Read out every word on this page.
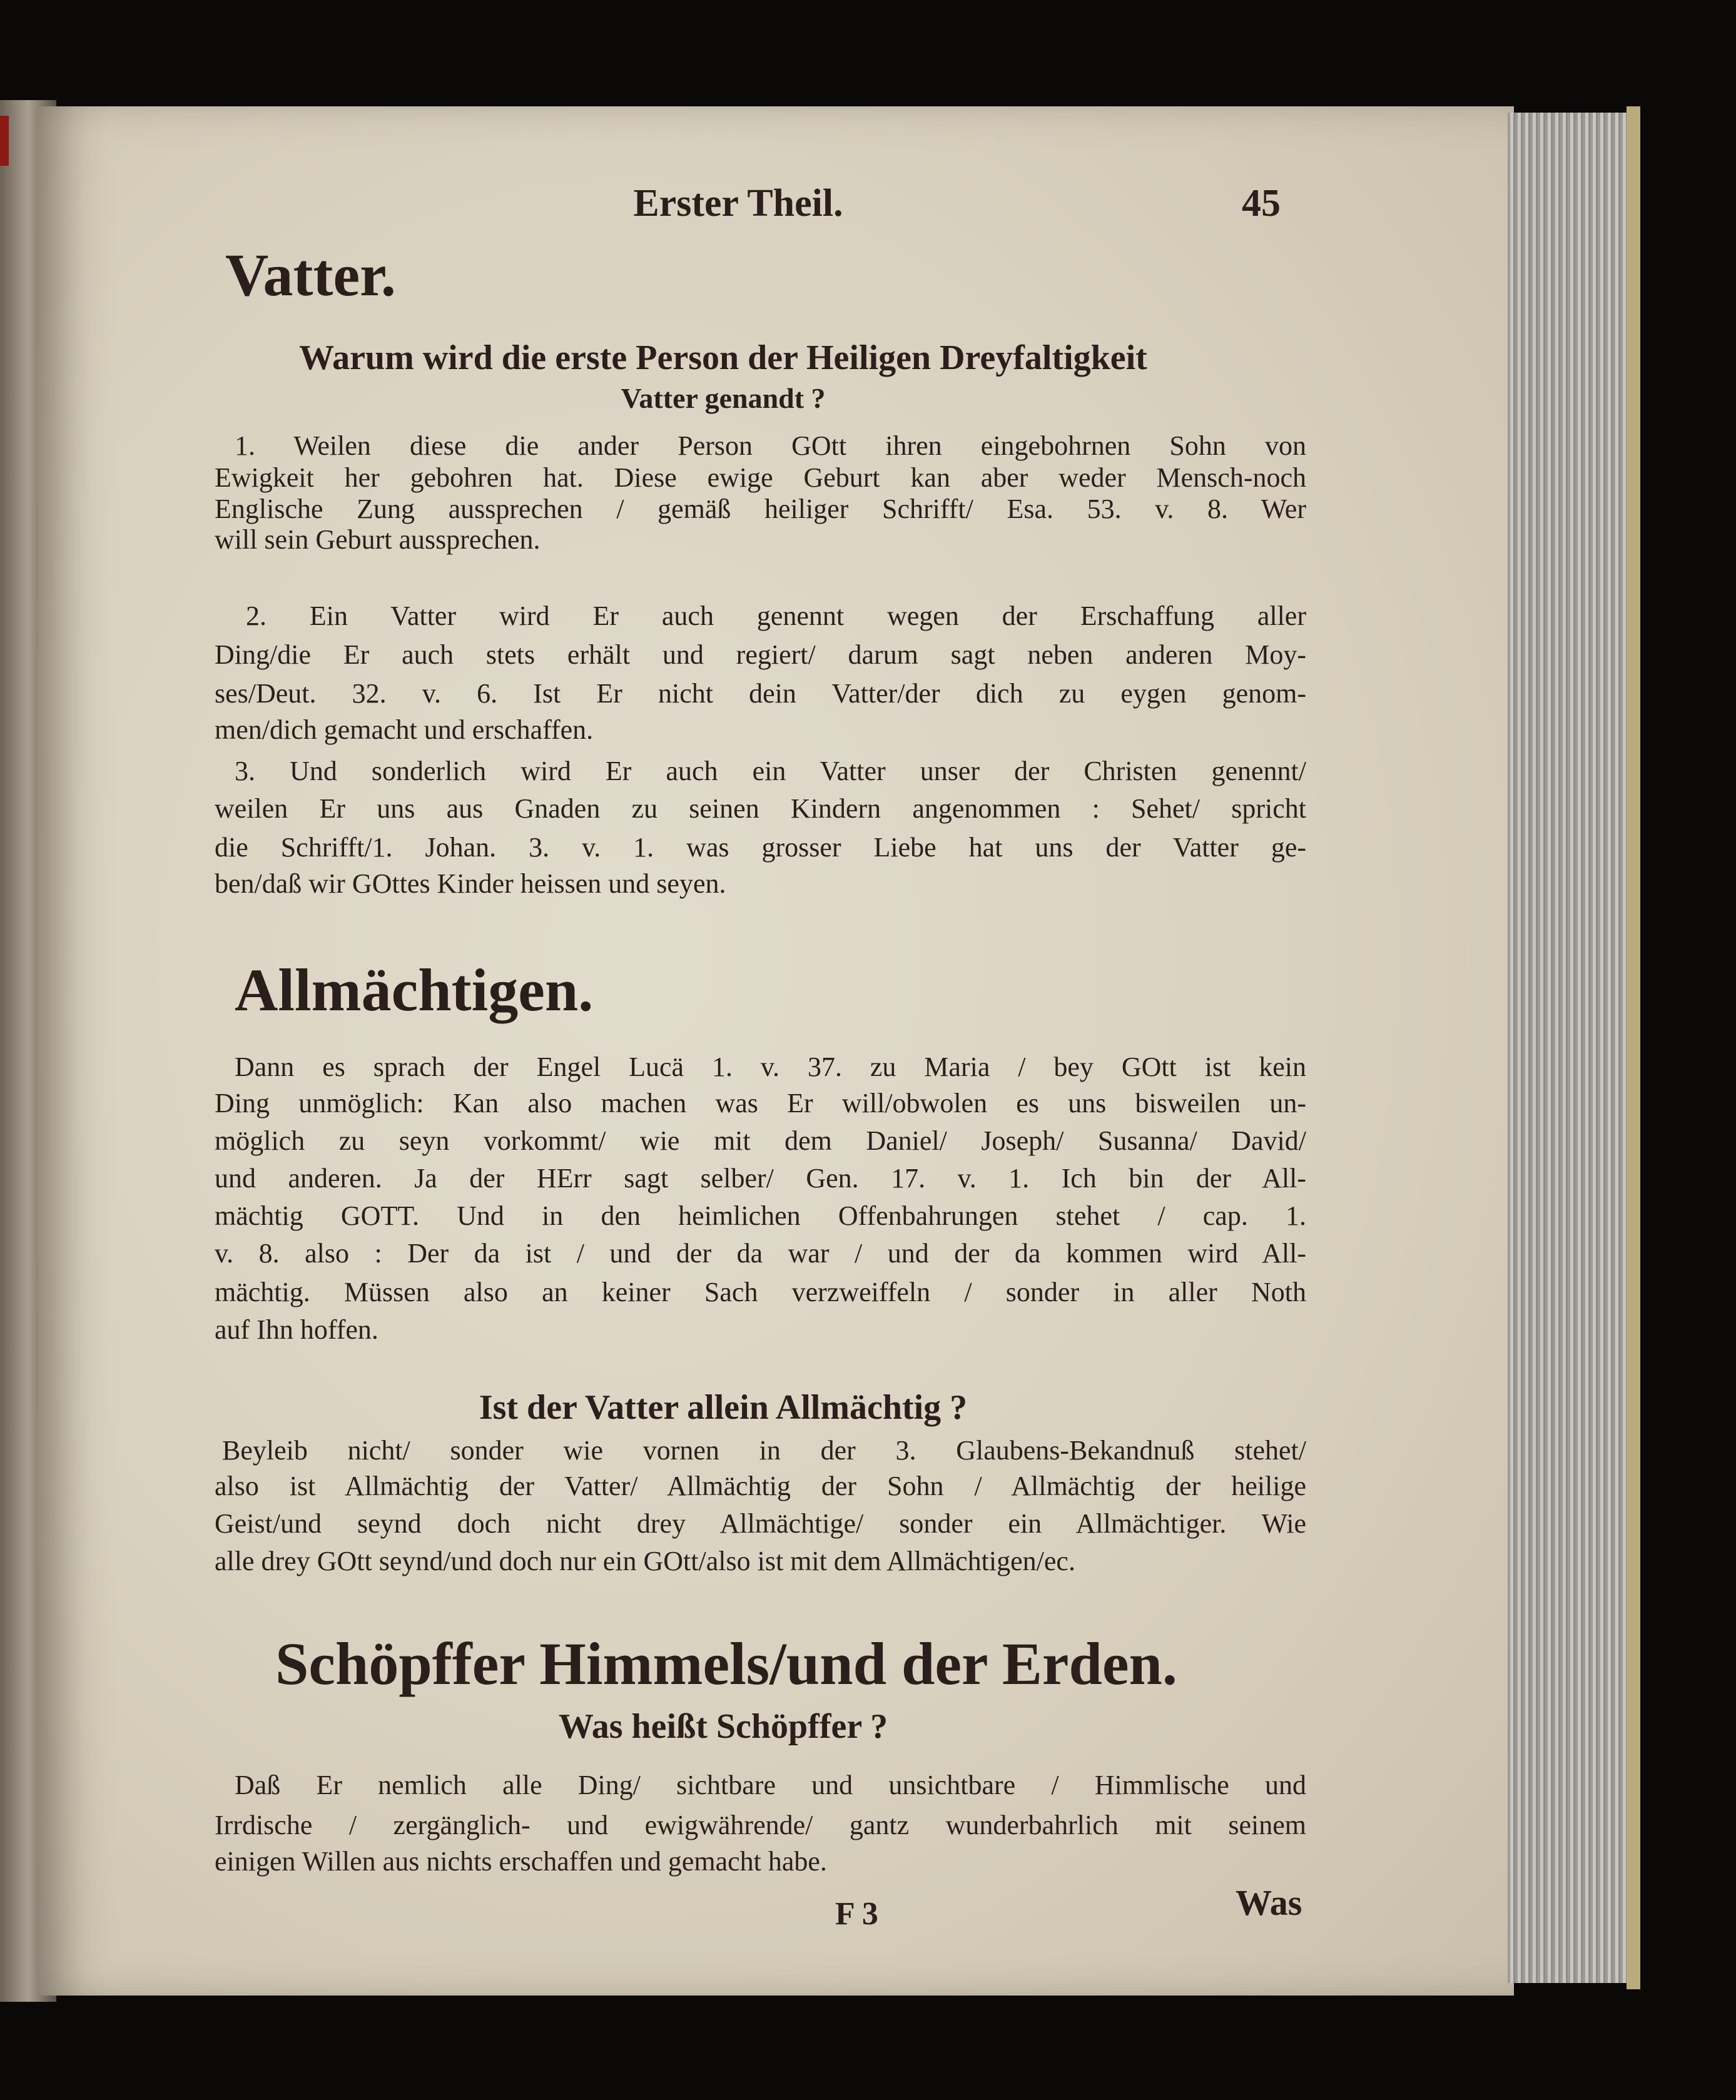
Erster Theil.	45
Vatter.
Warum wird die erste Person der Heiligen Dreyfaltigkeit
Vatter genandt ?
Allmächtigen.
Ist der Vatter allein Allmächtig ?
Schöpffer Himmels/und der Erden.
Was heißt Schöpffer ?
F 3	Was
1. Weilen diese die ander Person GOtt ihren eingebohrnen Sohn von
Ewigkeit her gebohren hat. Diese ewige Geburt kan aber weder Mensch-noch
Englische Zung aussprechen / gemäß heiliger Schrifft/ Esa. 53. v. 8. Wer
will sein Geburt aussprechen.
2. Ein Vatter wird Er auch genennt wegen der Erschaffung aller
Ding/die Er auch stets erhält und regiert/ darum sagt neben anderen Moy-
ses/Deut. 32. v. 6. Ist Er nicht dein Vatter/der dich zu eygen genom-
men/dich gemacht und erschaffen.
3. Und sonderlich wird Er auch ein Vatter unser der Christen genennt/
weilen Er uns aus Gnaden zu seinen Kindern angenommen : Sehet/ spricht
die Schrifft/1. Johan. 3. v. 1. was grosser Liebe hat uns der Vatter ge-
ben/daß wir GOttes Kinder heissen und seyen.
Dann es sprach der Engel Lucä 1. v. 37. zu Maria / bey GOtt ist kein
Ding unmöglich: Kan also machen was Er will/obwolen es uns bisweilen un-
möglich zu seyn vorkommt/ wie mit dem Daniel/ Joseph/ Susanna/ David/
und anderen. Ja der HErr sagt selber/ Gen. 17. v. 1. Ich bin der All-
mächtig GOTT. Und in den heimlichen Offenbahrungen stehet / cap. 1.
v. 8. also : Der da ist / und der da war / und der da kommen wird All-
mächtig. Müssen also an keiner Sach verzweiffeln / sonder in aller Noth
auf Ihn hoffen.
Beyleib nicht/ sonder wie vornen in der 3. Glaubens-Bekandnuß stehet/
also ist Allmächtig der Vatter/ Allmächtig der Sohn / Allmächtig der heilige
Geist/und seynd doch nicht drey Allmächtige/ sonder ein Allmächtiger. Wie
alle drey GOtt seynd/und doch nur ein GOtt/also ist mit dem Allmächtigen/ec.
Daß Er nemlich alle Ding/ sichtbare und unsichtbare / Himmlische und
Irrdische / zergänglich- und ewigwährende/ gantz wunderbahrlich mit seinem
einigen Willen aus nichts erschaffen und gemacht habe.
